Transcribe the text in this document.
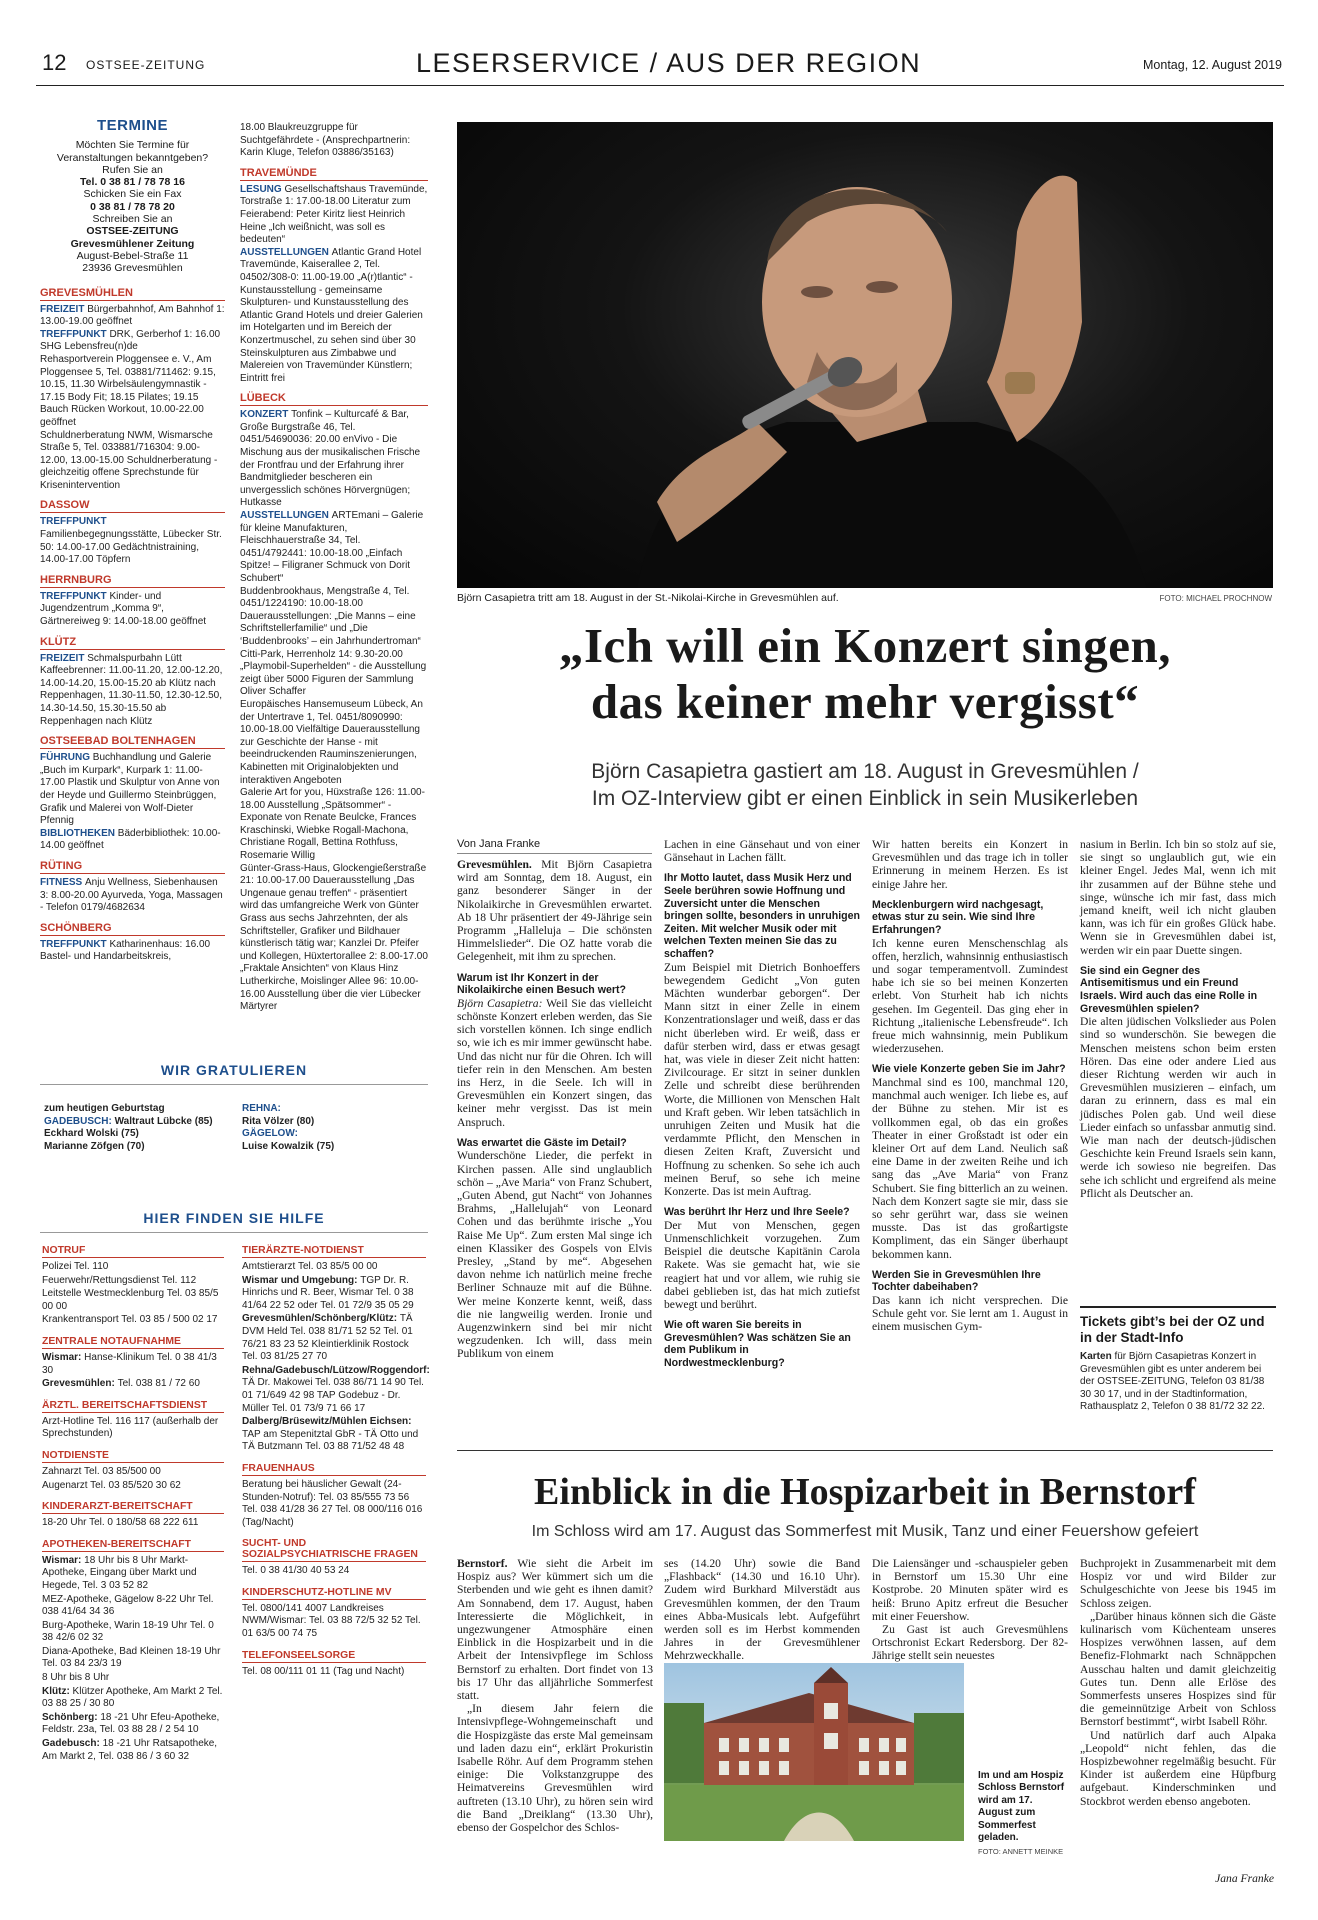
12 OSTSEE-ZEITUNG	LESERSERVICE / AUS DER REGION	Montag, 12. August 2019
TERMINE
Möchten Sie Termine für Veranstaltungen bekanntgeben? Rufen Sie an
Tel. 0 38 81 / 78 78 16
Schicken Sie ein Fax
0 38 81 / 78 78 20
Schreiben Sie an
OSTSEE-ZEITUNG
Grevesmühlener Zeitung
August-Bebel-Straße 11
23936 Grevesmühlen
GREVESMÜHLEN
FREIZEIT Bürgerbahnhof, Am Bahnhof 1: 13.00-19.00 geöffnet
TREFFPUNKT DRK, Gerberhof 1: 16.00 SHG Lebensfreu(n)de
Rehasportverein Ploggensee e. V., Am Ploggensee 5, Tel. 03881/711462: 9.15, 10.15, 11.30 Wirbelsäulengymnastik - 17.15 Body Fit; 18.15 Pilates; 19.15 Bauch Rücken Workout, 10.00-22.00 geöffnet
Schuldnerberatung NWM, Wismarsche Straße 5, Tel. 033881/716304: 9.00-12.00, 13.00-15.00 Schuldnerberatung - gleichzeitig offene Sprechstunde für Krisenintervention
DASSOW
TREFFPUNKT Familienbegegnungsstätte, Lübecker Str. 50: 14.00-17.00 Gedächtnistraining, 14.00-17.00 Töpfern
HERRNBURG
TREFFPUNKT Kinder- und Jugendzentrum „Komma 9“, Gärtnereiweg 9: 14.00-18.00 geöffnet
KLÜTZ
FREIZEIT Schmalspurbahn Lütt Kaffeebrenner: 11.00-11.20, 12.00-12.20, 14.00-14.20, 15.00-15.20 ab Klütz nach Reppenhagen, 11.30-11.50, 12.30-12.50, 14.30-14.50, 15.30-15.50 ab Reppenhagen nach Klütz
OSTSEEBAD BOLTENHAGEN
FÜHRUNG Buchhandlung und Galerie „Buch im Kurpark“, Kurpark 1: 11.00-17.00 Plastik und Skulptur von Anne von der Heyde und Guillermo Steinbrüggen, Grafik und Malerei von Wolf-Dieter Pfennig
BIBLIOTHEKEN Bäderbibliothek: 10.00-14.00 geöffnet
RÜTING
FITNESS Anju Wellness, Siebenhausen 3: 8.00-20.00 Ayurveda, Yoga, Massagen - Telefon 0179/4682634
SCHÖNBERG
TREFFPUNKT Katharinenhaus: 16.00 Bastel- und Handarbeitskreis,
18.00 Blaukreuzgruppe für Suchtgefährdete - (Ansprechpartnerin: Karin Kluge, Telefon 03886/35163)
TRAVEMÜNDE
LESUNG Gesellschaftshaus Travemünde, Torstraße 1: 17.00-18.00 Literatur zum Feierabend: Peter Kiritz liest Heinrich Heine „Ich weißnicht, was soll es bedeuten“
AUSSTELLUNGEN Atlantic Grand Hotel Travemünde, Kaiserallee 2, Tel. 04502/308-0: 11.00-19.00 „A(r)tlantic“ - Kunstausstellung - gemeinsame Skulpturen- und Kunstausstellung des Atlantic Grand Hotels und dreier Galerien im Hotelgarten und im Bereich der Konzertmuschel, zu sehen sind über 30 Steinskulpturen aus Zimbabwe und Malereien von Travemünder Künstlern; Eintritt frei
LÜBECK
KONZERT Tonfink – Kulturcafé & Bar, Große Burgstraße 46, Tel. 0451/54690036: 20.00 enVivo - Die Mischung aus der musikalischen Frische der Frontfrau und der Erfahrung ihrer Bandmitglieder bescheren ein unvergesslich schönes Hörvergnügen; Hutkasse
AUSSTELLUNGEN ARTEmani – Galerie für kleine Manufakturen, Fleischhauerstraße 34, Tel. 0451/4792441: 10.00-18.00 „Einfach Spitze! – Filigraner Schmuck von Dorit Schubert“
Buddenbrookhaus, Mengstraße 4, Tel. 0451/1224190: 10.00-18.00 Dauerausstellungen: „Die Manns – eine Schriftstellerfamilie“ und „Die ‘Buddenbrooks’ – ein Jahrhundertroman“
Citti-Park, Herrenholz 14: 9.30-20.00 „Playmobil-Superhelden“ - die Ausstellung zeigt über 5000 Figuren der Sammlung Oliver Schaffer
Europäisches Hansemuseum Lübeck, An der Untertrave 1, Tel. 0451/8090990: 10.00-18.00 Vielfältige Dauerausstellung zur Geschichte der Hanse - mit beeindruckenden Rauminszenierungen, Kabinetten mit Originalobjekten und interaktiven Angeboten
Galerie Art for you, Hüxstraße 126: 11.00-18.00 Ausstellung „Spätsommer“ - Exponate von Renate Beulcke, Frances Kraschinski, Wiebke Rogall-Machona, Christiane Rogall, Bettina Rothfuss, Rosemarie Willig
Günter-Grass-Haus, Glockengießerstraße 21: 10.00-17.00 Dauerausstellung „Das Ungenaue genau treffen“ - präsentiert wird das umfangreiche Werk von Günter Grass aus sechs Jahrzehnten, der als Schriftsteller, Grafiker und Bildhauer künstlerisch tätig war; Kanzlei Dr. Pfeifer und Kollegen, Hüxtertorallee 2: 8.00-17.00 „Fraktale Ansichten“ von Klaus Hinz
Lutherkirche, Moislinger Allee 96: 10.00-16.00 Ausstellung über die vier Lübecker Märtyrer
WIR GRATULIEREN
zum heutigen Geburtstag
GADEBUSCH: Waltraut Lübcke (85)
Eckhard Wolski (75)
Marianne Zöfgen (70)
REHNA:
Rita Völzer (80)
GÄGELOW:
Luise Kowalzik (75)
HIER FINDEN SIE HILFE
NOTRUF
Polizei Tel. 110
Feuerwehr/Rettungsdienst Tel. 112
Leitstelle Westmecklenburg Tel. 03 85/5 00 00
Krankentransport Tel. 03 85 / 500 02 17
ZENTRALE NOTAUFNAHME
Wismar: Hanse-Klinikum Tel. 0 38 41/3 30
Grevesmühlen: Tel. 038 81 / 72 60
ÄRZTL. BEREITSCHAFTSDIENST
Arzt-Hotline Tel. 116 117 (außerhalb der Sprechstunden)
NOTDIENSTE
Zahnarzt Tel. 03 85/500 00
Augenarzt Tel. 03 85/520 30 62
KINDERARZT-BEREITSCHAFT
18-20 Uhr Tel. 0 180/58 68 222 611
APOTHEKEN-BEREITSCHAFT
Wismar: 18 Uhr bis 8 Uhr Markt-Apotheke, Eingang über Markt und Hegede, Tel. 3 03 52 82
MEZ-Apotheke, Gägelow 8-22 Uhr Tel. 038 41/64 34 36
Burg-Apotheke, Warin 18-19 Uhr Tel. 0 38 42/6 02 32
Diana-Apotheke, Bad Kleinen 18-19 Uhr Tel. 03 84 23/3 19
8 Uhr bis 8 Uhr
Klütz: Klützer Apotheke, Am Markt 2 Tel. 03 88 25 / 30 80
Schönberg: 18 -21 Uhr Efeu-Apotheke, Feldstr. 23a, Tel. 03 88 28 / 2 54 10
Gadebusch: 18 -21 Uhr Ratsapotheke, Am Markt 2, Tel. 038 86 / 3 60 32
TIERÄRZTE-NOTDIENST
Amtstierarzt Tel. 03 85/5 00 00
Wismar und Umgebung: TGP Dr. R. Hinrichs und R. Beer, Wismar Tel. 0 38 41/64 22 52 oder Tel. 01 72/9 35 05 29
Grevesmühlen/Schönberg/Klütz: TÄ DVM Held Tel. 038 81/71 52 52 Tel. 01 76/21 83 23 52 Kleintierklinik Rostock Tel. 03 81/25 27 70
Rehna/Gadebusch/Lützow/Roggendorf: TÄ Dr. Makowei Tel. 038 86/71 14 90 Tel. 01 71/649 42 98 TAP Godebuz - Dr. Müller Tel. 01 73/9 71 66 17
Dalberg/Brüsewitz/Mühlen Eichsen: TAP am Stepenitztal GbR - TÄ Otto und TÄ Butzmann Tel. 03 88 71/52 48 48
FRAUENHAUS
Beratung bei häuslicher Gewalt (24-Stunden-Notruf): Tel. 03 85/555 73 56 Tel. 038 41/28 36 27 Tel. 08 000/116 016 (Tag/Nacht)
SUCHT- UND SOZIALPSYCHIATRISCHE FRAGEN
Tel. 0 38 41/30 40 53 24
KINDERSCHUTZ-HOTLINE MV
Tel. 0800/141 4007 Landkreises NWM/Wismar: Tel. 03 88 72/5 32 52 Tel. 01 63/5 00 74 75
TELEFONSEELSORGE
Tel. 08 00/111 01 11 (Tag und Nacht)
Björn Casapietra tritt am 18. August in der St.-Nikolai-Kirche in Grevesmühlen auf.	FOTO: MICHAEL PROCHNOW
„Ich will ein Konzert singen,
das keiner mehr vergisst“
Björn Casapietra gastiert am 18. August in Grevesmühlen /
Im OZ-Interview gibt er einen Einblick in sein Musikerleben
Von Jana Franke

Grevesmühlen. Mit Björn Casapietra wird am Sonntag, dem 18. August, ein ganz besonderer Sänger in der Nikolaikirche in Grevesmühlen erwartet. Ab 18 Uhr präsentiert der 49-Jährige sein Programm „Halleluja – Die schönsten Himmelslieder“. Die OZ hatte vorab die Gelegenheit, mit ihm zu sprechen.

Warum ist Ihr Konzert in der Nikolaikirche einen Besuch wert?

Björn Casapietra: Weil Sie das vielleicht schönste Konzert erleben werden, das Sie sich vorstellen können. Ich singe endlich so, wie ich es mir immer gewünscht habe. Und das nicht nur für die Ohren. Ich will tiefer rein in den Menschen. Am besten ins Herz, in die Seele. Ich will in Grevesmühlen ein Konzert singen, das keiner mehr vergisst. Das ist mein Anspruch.

Was erwartet die Gäste im Detail?

Wunderschöne Lieder, die perfekt in Kirchen passen. Alle sind unglaublich schön – „Ave Maria“ von Franz Schubert, „Guten Abend, gut Nacht“ von Johannes Brahms, „Hallelujah“ von Leonard Cohen und das berühmte irische „You Raise Me Up“. Zum ersten Mal singe ich einen Klassiker des Gospels von Elvis Presley, „Stand by me“. Abgesehen davon nehme ich natürlich meine freche Berliner Schnauze mit auf die Bühne. Wer meine Konzerte kennt, weiß, dass die nie langweilig werden. Ironie und Augenzwinkern sind bei mir nicht wegzudenken. Ich will, dass mein Publikum von einem

Lachen in eine Gänsehaut und von einer Gänsehaut in Lachen fällt.

Ihr Motto lautet, dass Musik Herz und Seele berühren sowie Hoffnung und Zuversicht unter die Menschen bringen sollte, besonders in unruhigen Zeiten. Mit welcher Musik oder mit welchen Texten meinen Sie das zu schaffen?

Zum Beispiel mit Dietrich Bonhoeffers bewegendem Gedicht „Von guten Mächten wunderbar geborgen“. Der Mann sitzt in einer Zelle in einem Konzentrationslager und weiß, dass er das nicht überleben wird. Er weiß, dass er dafür sterben wird, dass er etwas gesagt hat, was viele in dieser Zeit nicht hatten: Zivilcourage. Er sitzt in seiner dunklen Zelle und schreibt diese berührenden Worte, die Millionen von Menschen Halt und Kraft geben. Wir leben tatsächlich in unruhigen Zeiten und Musik hat die verdammte Pflicht, den Menschen in diesen Zeiten Kraft, Zuversicht und Hoffnung zu schenken. So sehe ich auch meinen Beruf, so sehe ich meine Konzerte. Das ist mein Auftrag.

Was berührt Ihr Herz und Ihre Seele?

Der Mut von Menschen, gegen Unmenschlichkeit vorzugehen. Zum Beispiel die deutsche Kapitänin Carola Rakete. Was sie gemacht hat, wie sie reagiert hat und vor allem, wie ruhig sie dabei geblieben ist, das hat mich zutiefst bewegt und berührt.

Wie oft waren Sie bereits in Grevesmühlen? Was schätzen Sie an dem Publikum in Nordwestmecklenburg?

Wir hatten bereits ein Konzert in Grevesmühlen und das trage ich in toller Erinnerung in meinem Herzen. Es ist einige Jahre her.

Mecklenburgern wird nachgesagt, etwas stur zu sein. Wie sind Ihre Erfahrungen?

Ich kenne euren Menschenschlag als offen, herzlich, wahnsinnig enthusiastisch und sogar temperamentvoll. Zumindest habe ich sie so bei meinen Konzerten erlebt. Von Sturheit hab ich nichts gesehen. Im Gegenteil. Das ging eher in Richtung „italienische Lebensfreude“. Ich freue mich wahnsinnig, mein Publikum wiederzusehen.

Wie viele Konzerte geben Sie im Jahr?

Manchmal sind es 100, manchmal 120, manchmal auch weniger. Ich liebe es, auf der Bühne zu stehen. Mir ist es vollkommen egal, ob das ein großes Theater in einer Großstadt ist oder ein kleiner Ort auf dem Land. Neulich saß eine Dame in der zweiten Reihe und ich sang das „Ave Maria“ von Franz Schubert. Sie fing bitterlich an zu weinen. Nach dem Konzert sagte sie mir, dass sie so sehr gerührt war, dass sie weinen musste. Das ist das großartigste Kompliment, das ein Sänger überhaupt bekommen kann.

Werden Sie in Grevesmühlen Ihre Tochter dabeihaben?

Das kann ich nicht versprechen. Die Schule geht vor. Sie lernt am 1. August in einem musischen Gym-

nasium in Berlin. Ich bin so stolz auf sie, sie singt so unglaublich gut, wie ein kleiner Engel. Jedes Mal, wenn ich mit ihr zusammen auf der Bühne stehe und singe, wünsche ich mir fast, dass mich jemand kneift, weil ich nicht glauben kann, was ich für ein großes Glück habe. Wenn sie in Grevesmühlen dabei ist, werden wir ein paar Duette singen.

Sie sind ein Gegner des Antisemitismus und ein Freund Israels. Wird auch das eine Rolle in Grevesmühlen spielen?

Die alten jüdischen Volkslieder aus Polen sind so wunderschön. Sie bewegen die Menschen meistens schon beim ersten Hören. Das eine oder andere Lied aus dieser Richtung werden wir auch in Grevesmühlen musizieren – einfach, um daran zu erinnern, dass es mal ein jüdisches Polen gab. Und weil diese Lieder einfach so unfassbar anmutig sind. Wie man nach der deutsch-jüdischen Geschichte kein Freund Israels sein kann, werde ich sowieso nie begreifen. Das sehe ich schlicht und ergreifend als meine Pflicht als Deutscher an.

Tickets gibt’s bei der OZ und in der Stadt-Info
Karten für Björn Casapietras Konzert in Grevesmühlen gibt es unter anderem bei der OSTSEE-ZEITUNG, Telefon 03 81/38 30 30 17, und in der Stadtinformation, Rathausplatz 2, Telefon 0 38 81/72 32 22.
Einblick in die Hospizarbeit in Bernstorf
Im Schloss wird am 17. August das Sommerfest mit Musik, Tanz und einer Feuershow gefeiert

Bernstorf. Wie sieht die Arbeit im Hospiz aus? Wer kümmert sich um die Sterbenden und wie geht es ihnen damit? Am Sonnabend, dem 17. August, haben Interessierte die Möglichkeit, in ungezwungener Atmosphäre einen Einblick in die Hospizarbeit und in die Arbeit der Intensivpflege im Schloss Bernstorf zu erhalten. Dort findet von 13 bis 17 Uhr das alljährliche Sommerfest statt.

„In diesem Jahr feiern die Intensivpflege-Wohngemeinschaft und die Hospizgäste das erste Mal gemeinsam und laden dazu ein“, erklärt Prokuristin Isabelle Röhr. Auf dem Programm stehen einige: Die Volkstanzgruppe des Heimatvereins Grevesmühlen wird auftreten (13.10 Uhr), zu hören sein wird die Band „Dreiklang“ (13.30 Uhr), ebenso der Gospelchor des Schlos-

ses (14.20 Uhr) sowie die Band „Flashback“ (14.30 und 16.10 Uhr). Zudem wird Burkhard Milverstädt aus Grevesmühlen kommen, der den Traum eines Abba-Musicals lebt. Aufgeführt werden soll es im Herbst kommenden Jahres in der Grevesmühlener Mehrzweckhalle.

Die Laiensänger und -schauspieler geben in Bernstorf um 15.30 Uhr eine Kostprobe. 20 Minuten später wird es heiß: Bruno Apitz erfreut die Besucher mit einer Feuershow.

Zu Gast ist auch Grevesmühlens Ortschronist Eckart Redersborg. Der 82-Jährige stellt sein neuestes

Buchprojekt in Zusammenarbeit mit dem Hospiz vor und wird Bilder zur Schulgeschichte von Jeese bis 1945 im Schloss zeigen.

„Darüber hinaus können sich die Gäste kulinarisch vom Küchenteam unseres Hospizes verwöhnen lassen, auf dem Benefiz-Flohmarkt nach Schnäppchen Ausschau halten und damit gleichzeitig Gutes tun. Denn alle Erlöse des Sommerfests unseres Hospizes sind für die gemeinnützige Arbeit von Schloss Bernstorf bestimmt“, wirbt Isabell Röhr.

Und natürlich darf auch Alpaka „Leopold“ nicht fehlen, das die Hospizbewohner regelmäßig besucht. Für Kinder ist außerdem eine Hüpfburg aufgebaut. Kinderschminken und Stockbrot werden ebenso angeboten.

Jana Franke
Im und am Hospiz Schloss Bernstorf wird am 17. August zum Sommerfest geladen.
FOTO: ANNETT MEINKE
